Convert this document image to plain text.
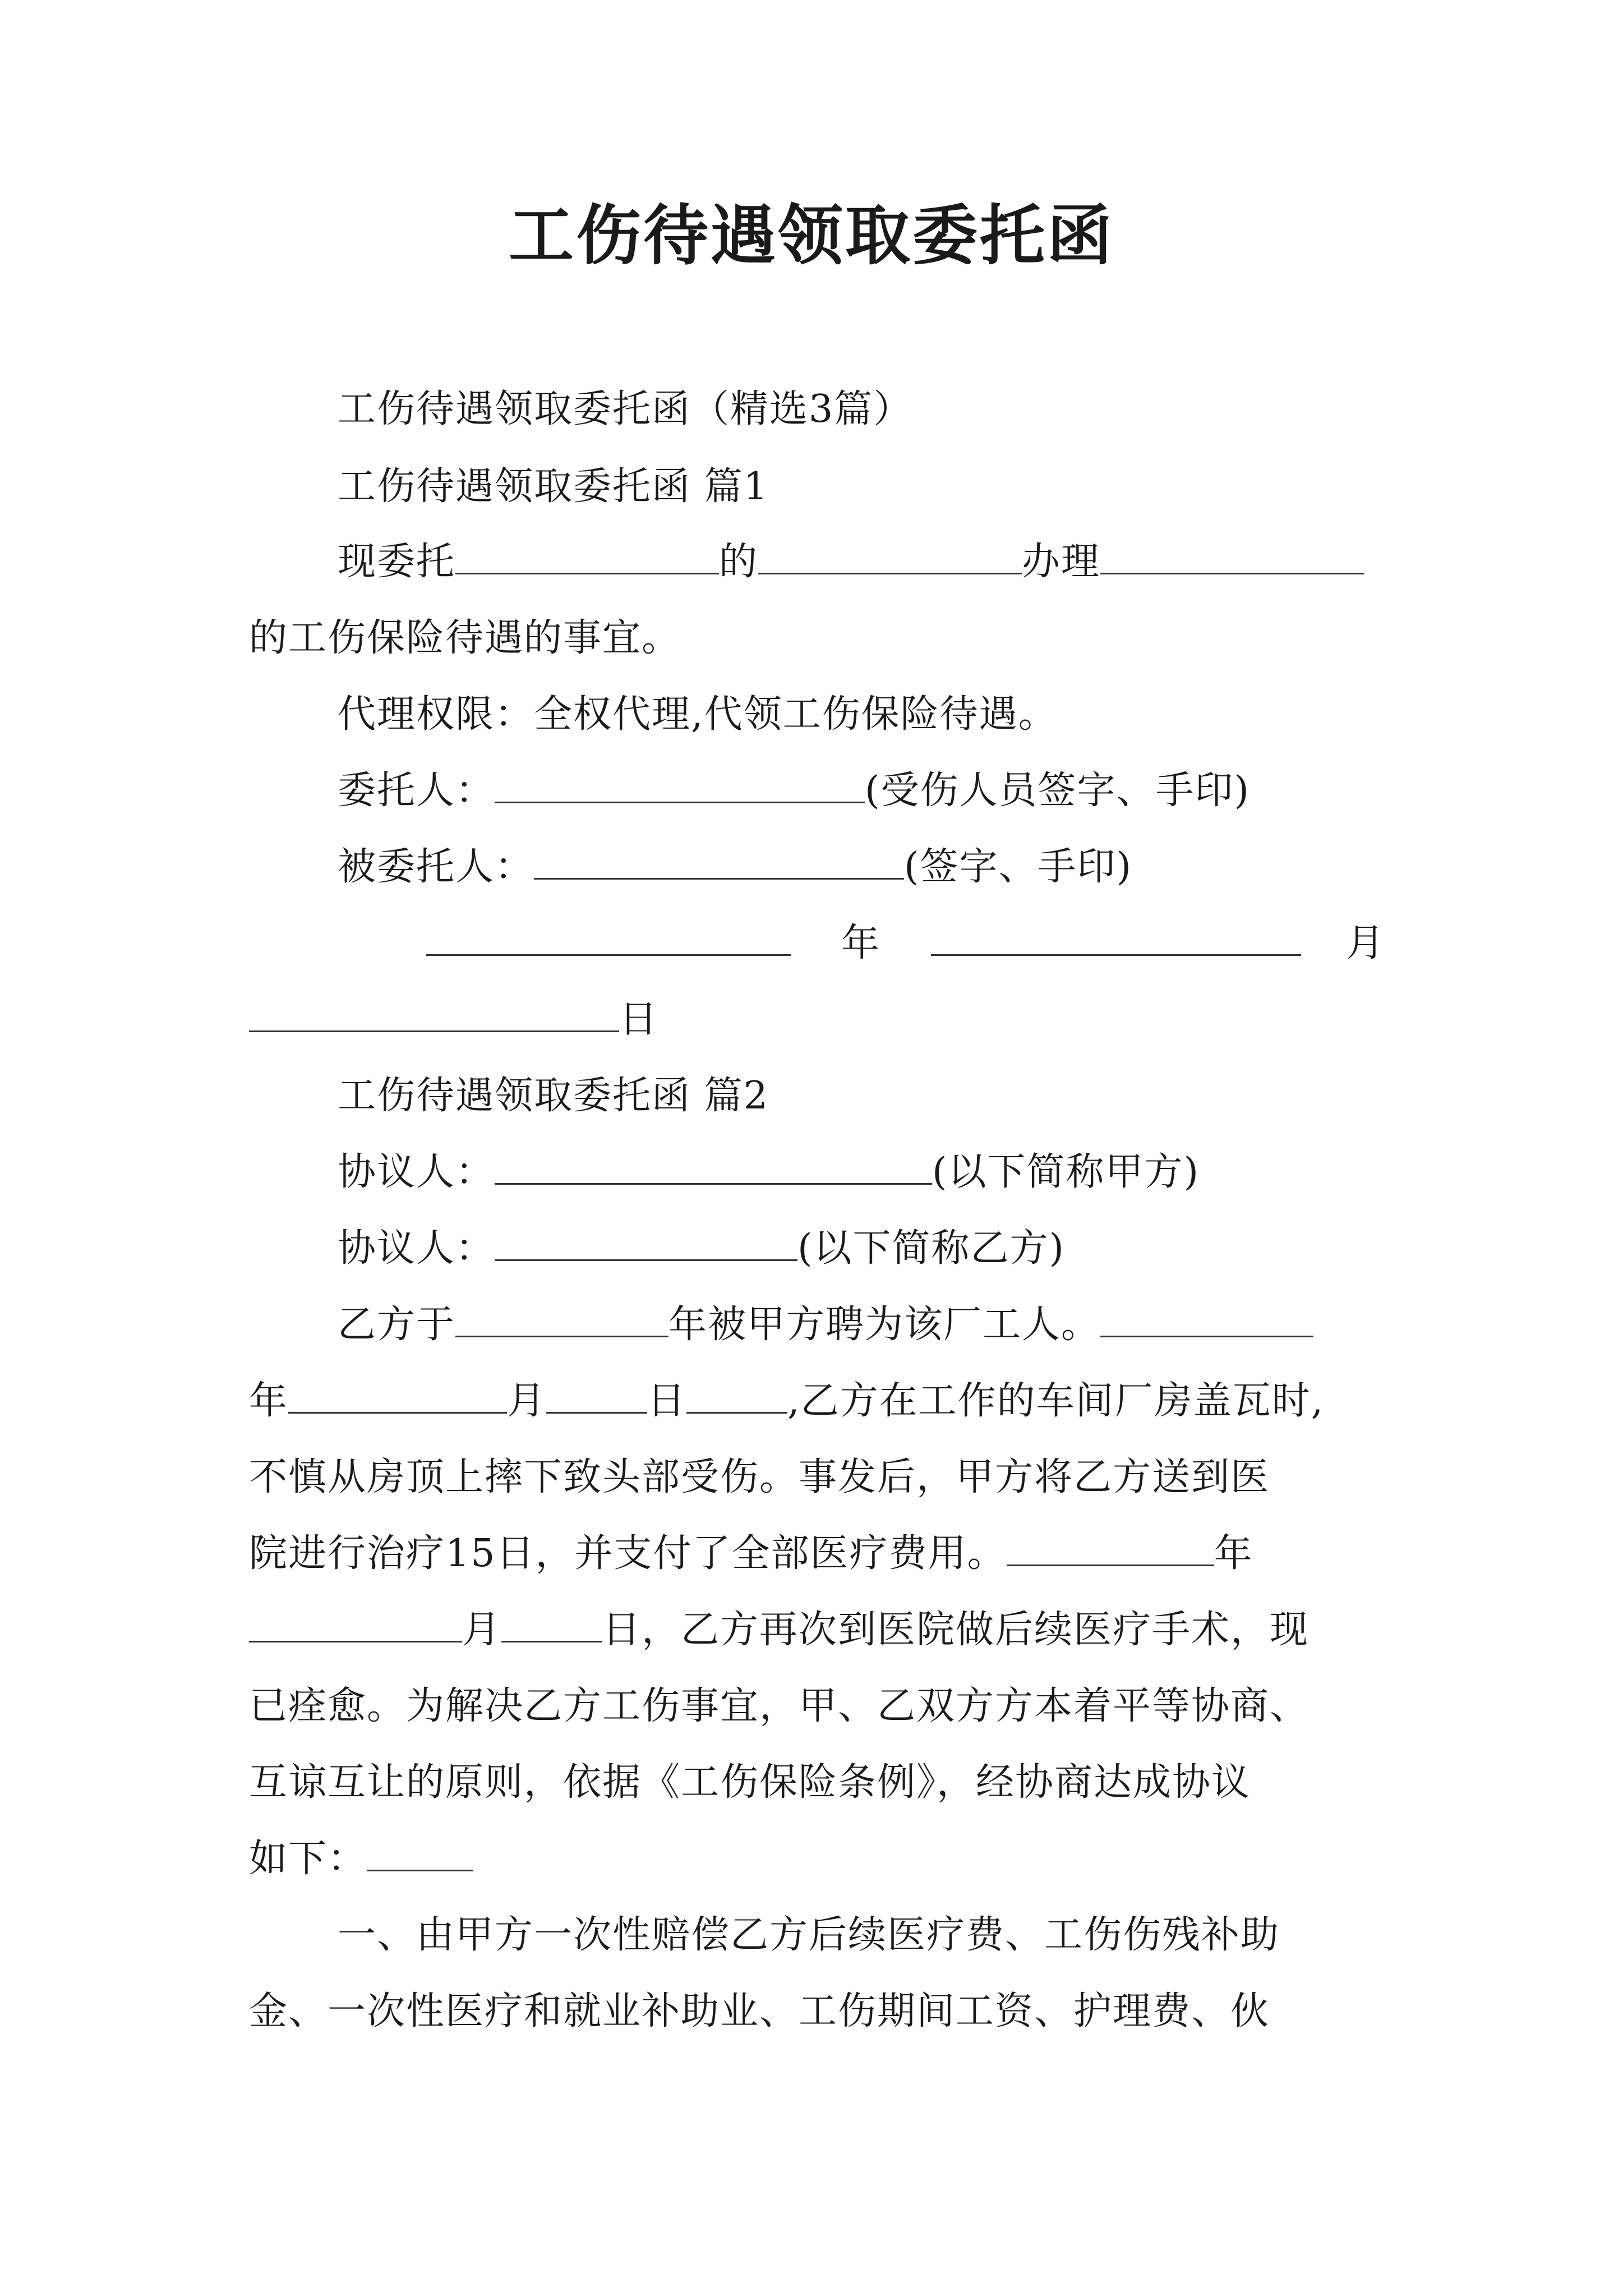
工伤待遇领取委托函
工伤待遇领取委托函（精选3篇）
工伤待遇领取委托函 篇1
现委托	的	办理
的工伤保险待遇的事宜。
代理权限：全权代理,代领工伤保险待遇。
委托人：	(受伤人员签字、手印)
被委托人：	(签字、手印)
年	月
日
工伤待遇领取委托函 篇2
协议人：	(以下简称甲方)
协议人：	(以下简称乙方)
乙方于	年被甲方聘为该厂工人。
年	月	日	,乙方在工作的车间厂房盖瓦时,
不慎从房顶上摔下致头部受伤。事发后，甲方将乙方送到医
院进行治疗15日，并支付了全部医疗费用。	年
月	日，乙方再次到医院做后续医疗手术，现
已痊愈。为解决乙方工伤事宜，甲、乙双方方本着平等协商、
互谅互让的原则，依据《工伤保险条例》，经协商达成协议
如下：
一、由甲方一次性赔偿乙方后续医疗费、工伤伤残补助
金、一次性医疗和就业补助业、工伤期间工资、护理费、伙
